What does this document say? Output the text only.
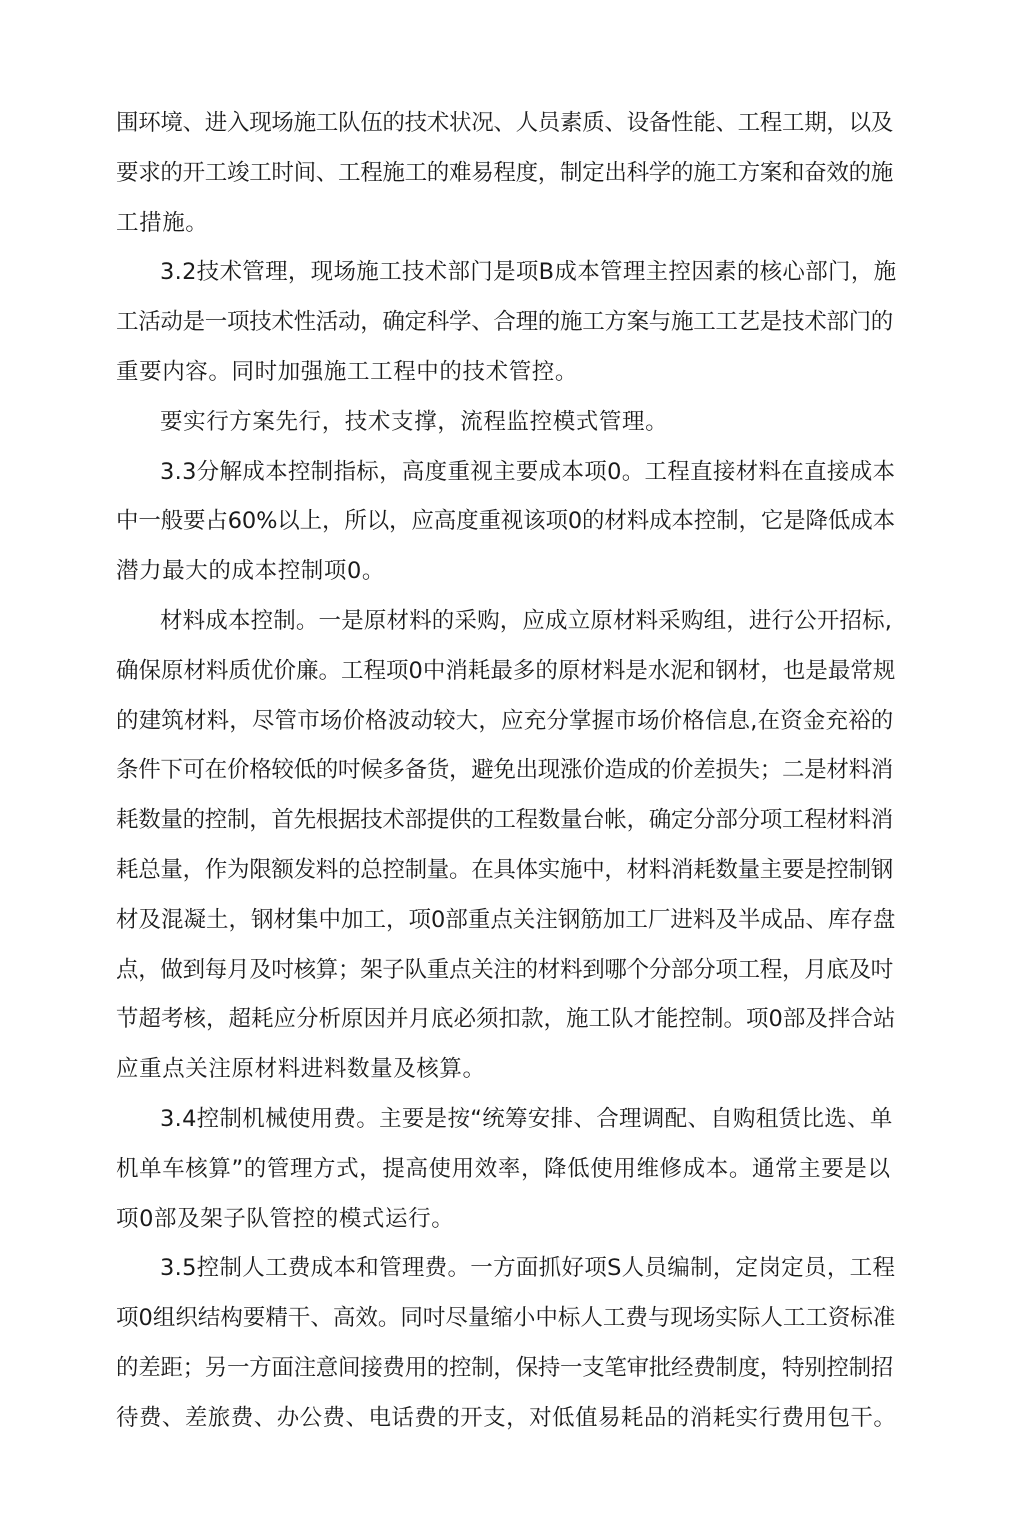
围环境、进入现场施工队伍的技术状况、人员素质、设备性能、工程工期，以及
要求的开工竣工时间、工程施工的难易程度，制定出科学的施工方案和奋效的施
工措施。
3.2技术管理，现场施工技术部门是项B成本管理主控因素的核心部门，施
工活动是一项技术性活动，确定科学、合理的施工方案与施工工艺是技术部门的
重要内容。同时加强施工工程中的技术管控。
要实行方案先行，技术支撑，流程监控模式管理。
3.3分解成本控制指标，高度重视主要成本项0。工程直接材料在直接成本
中一般要占60%以上，所以，应高度重视该项0的材料成本控制，它是降低成本
潜力最大的成本控制项0。
材料成本控制。一是原材料的采购，应成立原材料采购组，进行公开招标,
确保原材料质优价廉。工程项0中消耗最多的原材料是水泥和钢材，也是最常规
的建筑材料，尽管市场价格波动较大，应充分掌握市场价格信息,在资金充裕的
条件下可在价格较低的吋候多备货，避免出现涨价造成的价差损失；二是材料消
耗数量的控制，首先根据技术部提供的工程数量台帐，确定分部分项工程材料消
耗总量，作为限额发料的总控制量。在具体实施中，材料消耗数量主要是控制钢
材及混凝土，钢材集中加工，项0部重点关注钢筋加工厂进料及半成品、库存盘
点，做到每月及吋核算；架子队重点关注的材料到哪个分部分项工程，月底及吋
节超考核，超耗应分析原因并月底必须扣款，施工队才能控制。项0部及拌合站
应重点关注原材料进料数量及核算。
3.4控制机械使用费。主要是按“统筹安排、合理调配、自购租赁比选、单
机单车核算”的管理方式，提高使用效率，降低使用维修成本。通常主要是以
项0部及架子队管控的模式运行。
3.5控制人工费成本和管理费。一方面抓好项S人员编制，定岗定员，工程
项0组织结构要精干、高效。同吋尽量缩小中标人工费与现场实际人工工资标准
的差距；另一方面注意间接费用的控制，保持一支笔审批经费制度，特别控制招
待费、差旅费、办公费、电话费的开支，对低值易耗品的消耗实行费用包干。
